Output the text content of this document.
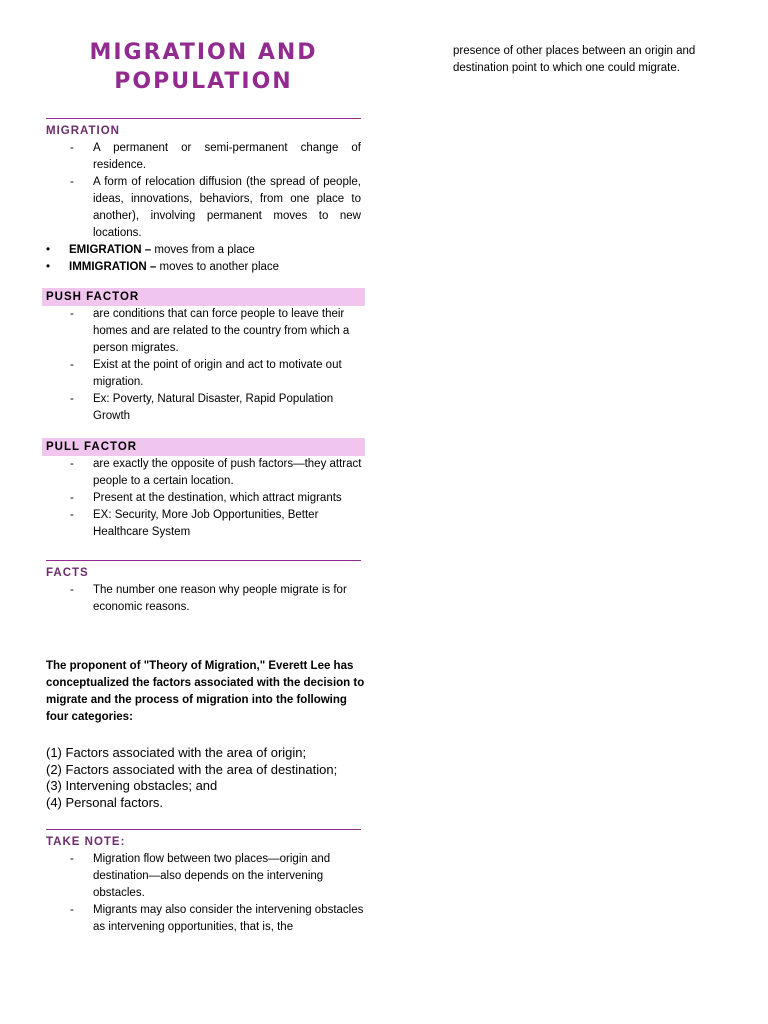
MIGRATION AND
POPULATION
MIGRATION
- A permanent or semi-permanent change of residence.
- A form of relocation diffusion (the spread of people, ideas, innovations, behaviors, from one place to another), involving permanent moves to new locations.
• EMIGRATION – moves from a place
• IMMIGRATION – moves to another place
PUSH FACTOR
- are conditions that can force people to leave their homes and are related to the country from which a person migrates.
- Exist at the point of origin and act to motivate out migration.
- Ex: Poverty, Natural Disaster, Rapid Population Growth
PULL FACTOR
- are exactly the opposite of push factors—they attract people to a certain location.
- Present at the destination, which attract migrants
- EX: Security, More Job Opportunities, Better Healthcare System
FACTS
- The number one reason why people migrate is for economic reasons.

The proponent of "Theory of Migration," Everett Lee has conceptualized the factors associated with the decision to migrate and the process of migration into the following four categories:

(1) Factors associated with the area of origin;
(2) Factors associated with the area of destination;
(3) Intervening obstacles; and
(4) Personal factors.
TAKE NOTE:
- Migration flow between two places—origin and destination—also depends on the intervening obstacles.
- Migrants may also consider the intervening obstacles as intervening opportunities, that is, the

presence of other places between an origin and destination point to which one could migrate.
